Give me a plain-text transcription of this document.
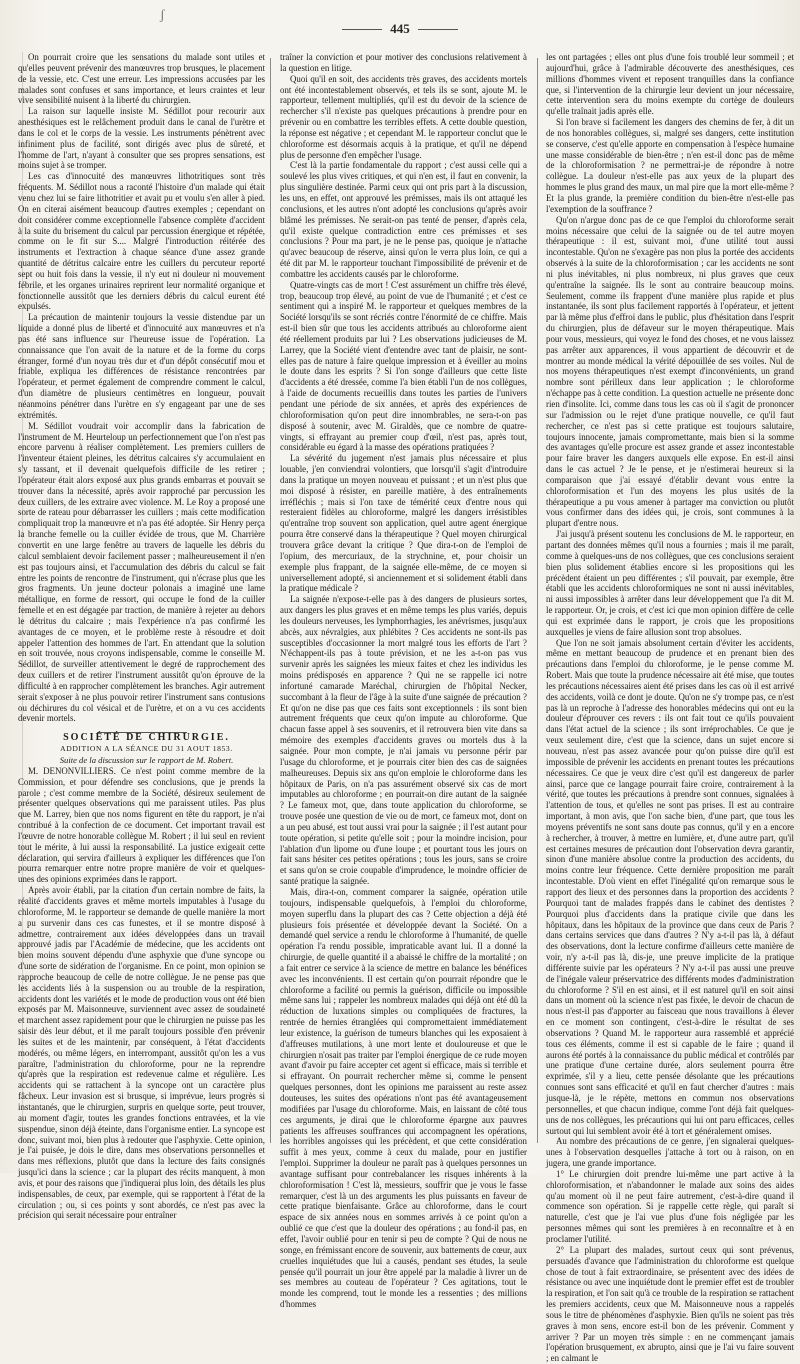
ʃ
445

On pourrait croire que les sensations du malade sont utiles et qu'elles peuvent prévenir des manœuvres trop brusques, le placement de la vessie, etc. C'est une erreur. Les impressions accusées par les malades sont confuses et sans importance, et leurs craintes et leur vive sensibilité nuisent à la liberté du chirurgien.

La raison sur laquelle insiste M. Sédillot pour recourir aux anesthésiques est le relâchement produit dans le canal de l'urètre et dans le col et le corps de la vessie. Les instruments pénètrent avec infiniment plus de facilité, sont dirigés avec plus de sûreté, et l'homme de l'art, n'ayant à consulter que ses propres sensations, est moins sujet à se tromper.

Les cas d'innocuité des manœuvres lithotritiques sont très fréquents. M. Sédillot nous a raconté l'histoire d'un malade qui était venu chez lui se faire lithotritier et avait pu et voulu s'en aller à pied. On en citerai aisément beaucoup d'autres exemples ; cependant on doit considérer comme exceptionnelle l'absence complète d'accident à la suite du brisement du calcul par percussion énergique et répétée, comme on le fit sur S.... Malgré l'introduction réitérée des instruments et l'extraction à chaque séance d'une assez grande quantité de détritus calcaire entre les cuillers du percuteur reporté sept ou huit fois dans la vessie, il n'y eut ni douleur ni mouvement fébrile, et les organes urinaires reprirent leur normalité organique et fonctionnelle aussitôt que les derniers débris du calcul eurent été expulsés.

La précaution de maintenir toujours la vessie distendue par un liquide a donné plus de liberté et d'innocuité aux manœuvres et n'a pas été sans influence sur l'heureuse issue de l'opération. La connaissance que l'on avait de la nature et de la forme du corps étranger, formé d'un noyau très dur et d'un dépôt consécutif mou et friable, expliqua les différences de résistance rencontrées par l'opérateur, et permet également de comprendre comment le calcul, d'un diamètre de plusieurs centimètres en longueur, pouvait néanmoins pénétrer dans l'urètre en s'y engageant par une de ses extrémités.

M. Sédillot voudrait voir accomplir dans la fabrication de l'instrument de M. Heurteloup un perfectionnement que l'on n'est pas encore parvenu à réaliser complètement. Les premiers cuillers de l'inventeur étaient pleines, les détritus calcaires s'y accumulaient en s'y tassant, et il devenait quelquefois difficile de les retirer ; l'opérateur était alors exposé aux plus grands embarras et pouvait se trouver dans la nécessité, après avoir rapproché par percussion les deux cuillers, de les extraire avec violence. M. Le Roy a proposé une sorte de rateau pour débarrasser les cuillers ; mais cette modification compliquait trop la manœuvre et n'a pas été adoptée. Sir Henry perça la branche femelle ou la cuiller évidée de trous, que M. Charrière convertit en une large fenêtre au travers de laquelle les débris du calcul semblaient devoir facilement passer ; malheureusement il n'en est pas toujours ainsi, et l'accumulation des débris du calcul se fait entre les points de rencontre de l'instrument, qui n'écrase plus que les gros fragments. Un jeune docteur polonais a imaginé une lame métallique, en forme de ressort, qui occupe le fond de la cuiller femelle et en est dégagée par traction, de manière à rejeter au dehors le détritus du calcaire ; mais l'expérience n'a pas confirmé les avantages de ce moyen, et le problème reste à résoudre et doit appeler l'attention des hommes de l'art. En attendant que la solution en soit trouvée, nous croyons indispensable, comme le conseille M. Sédillot, de surveiller attentivement le degré de rapprochement des deux cuillers et de retirer l'instrument aussitôt qu'on éprouve de la difficulté à en rapprocher complètement les branches. Agir autrement serait s'exposer à ne plus pouvoir retirer l'instrument sans contusions ou déchirures du col vésical et de l'urètre, et on a vu ces accidents devenir mortels.

SOCIÉTÉ DE CHIRURGIE.

ADDITION A LA SÉANCE DU 31 AOUT 1853.

Suite de la discussion sur le rapport de M. Robert.

M. DENONVILLIERS. Ce n'est point comme membre de la Commission, et pour défendre ses conclusions, que je prends la parole ; c'est comme membre de la Société, désireux seulement de présenter quelques observations qui me paraissent utiles. Pas plus que M. Larrey, bien que nos noms figurent en tête du rapport, je n'ai contribué à la confection de ce document. Cet important travail est l'œuvre de notre honorable collègue M. Robert ; il lui seul en revient tout le mérite, à lui aussi la responsabilité. La justice exigeait cette déclaration, qui servira d'ailleurs à expliquer les différences que l'on pourra remarquer entre notre propre manière de voir et quelques-unes des opinions exprimées dans le rapport.

Après avoir établi, par la citation d'un certain nombre de faits, la réalité d'accidents graves et même mortels imputables à l'usage du chloroforme, M. le rapporteur se demande de quelle manière la mort a pu survenir dans ces cas funestes, et il se montre disposé à admettre, contrairement aux idées développées dans un travail approuvé jadis par l'Académie de médecine, que les accidents ont bien moins souvent dépendu d'une asphyxie que d'une syncope ou d'une sorte de sidération de l'organisme. En ce point, mon opinion se rapproche beaucoup de celle de notre collègue. Je ne pense pas que les accidents liés à la suspension ou au trouble de la respiration, accidents dont les variétés et le mode de production vous ont été bien exposés par M. Maisonneuve, surviennent avec assez de soudaineté et marchent assez rapidement pour que le chirurgien ne puisse pas les saisir dès leur début, et il me paraît toujours possible d'en prévenir les suites et de les maintenir, par conséquent, à l'état d'accidents modérés, ou même légers, en interrompant, aussitôt qu'on les a vus paraître, l'administration du chloroforme, pour ne la reprendre qu'après que la respiration est redevenue calme et régulière. Les accidents qui se rattachent à la syncope ont un caractère plus fâcheux. Leur invasion est si brusque, si imprévue, leurs progrès si instantanés, que le chirurgien, surpris en quelque sorte, peut trouver, au moment d'agir, toutes les grandes fonctions entravées, et la vie suspendue, sinon déjà éteinte, dans l'organisme entier. La syncope est donc, suivant moi, bien plus à redouter que l'asphyxie. Cette opinion, je l'ai puisée, je dois le dire, dans mes observations personnelles et dans mes réflexions, plutôt que dans la lecture des faits consignés jusqu'ici dans la science ; car la plupart des récits manquent, à mon avis, et pour des raisons que j'indiquerai plus loin, des détails les plus indispensables, de ceux, par exemple, qui se rapportent à l'état de la circulation ; ou, si ces points y sont abordés, ce n'est pas avec la précision qui serait nécessaire pour entraîner

traîner la conviction et pour motiver des conclusions relativement à la question en litige.

Quoi qu'il en soit, des accidents très graves, des accidents mortels ont été incontestablement observés, et tels ils se sont, ajoute M. le rapporteur, tellement multipliés, qu'il est du devoir de la science de rechercher s'il n'existe pas quelques précautions à prendre pour en prévenir ou en combattre les terribles effets. A cette double question, la réponse est négative ; et cependant M. le rapporteur conclut que le chloroforme est désormais acquis à la pratique, et qu'il ne dépend plus de personne d'en empêcher l'usage.

C'est là la partie fondamentale du rapport ; c'est aussi celle qui a soulevé les plus vives critiques, et qui n'en est, il faut en convenir, la plus singulière destinée. Parmi ceux qui ont pris part à la discussion, les uns, en effet, ont approuvé les prémisses, mais ils ont attaqué les conclusions, et les autres n'ont adopté les conclusions qu'après avoir blâmé les prémisses. Ne serait-on pas tenté de penser, d'après cela, qu'il existe quelque contradiction entre ces prémisses et ses conclusions ? Pour ma part, je ne le pense pas, quoique je n'attache qu'avec beaucoup de réserve, ainsi qu'on le verra plus loin, ce qui a été dit par M. le rapporteur touchant l'impossibilité de prévenir et de combattre les accidents causés par le chloroforme.

Quatre-vingts cas de mort ! C'est assurément un chiffre très élevé, trop, beaucoup trop élevé, au point de vue de l'humanité ; et c'est ce sentiment qui a inspiré M. le rapporteur et quelques membres de la Société lorsqu'ils se sont récriés contre l'énormité de ce chiffre. Mais est-il bien sûr que tous les accidents attribués au chloroforme aient été réellement produits par lui ? Les observations judicieuses de M. Larrey, que la Société vient d'entendre avec tant de plaisir, ne sont-elles pas de nature à faire quelque impression et à éveiller au moins le doute dans les esprits ? Si l'on songe d'ailleurs que cette liste d'accidents a été dressée, comme l'a bien établi l'un de nos collègues, à l'aide de documents recueillis dans toutes les parties de l'univers pendant une période de six années, et après des expériences de chloroformisation qu'on peut dire innombrables, ne sera-t-on pas disposé à soutenir, avec M. Giraldès, que ce nombre de quatre-vingts, si effrayant au premier coup d'œil, n'est pas, après tout, considérable eu égard à la masse des opérations pratiquées ?

La sévérité du jugement n'est jamais plus nécessaire et plus louable, j'en conviendrai volontiers, que lorsqu'il s'agit d'introduire dans la pratique un moyen nouveau et puissant ; et un n'est plus que moi disposé à résister, en pareille matière, à des entraînements irréfléchis ; mais si l'on taxe de témérité ceux d'entre nous qui resteraient fidèles au chloroforme, malgré les dangers irrésistibles qu'entraîne trop souvent son application, quel autre agent énergique pourra être conservé dans la thérapeutique ? Quel moyen chirurgical trouvera grâce devant la critique ? Que dira-t-on de l'emploi de l'opium, des mercuriaux, de la strychnine, et, pour choisir un exemple plus frappant, de la saignée elle-même, de ce moyen si universellement adopté, si anciennement et si solidement établi dans la pratique médicale ?

La saignée n'expose-t-elle pas à des dangers de plusieurs sortes, aux dangers les plus graves et en même temps les plus variés, depuis les douleurs nerveuses, les lymphorrhagies, les anévrismes, jusqu'aux abcès, aux névralgies, aux phlébites ? Ces accidents ne sont-ils pas susceptibles d'occasionner la mort malgré tous les efforts de l'art ? N'échappent-ils pas à toute prévision, et ne les a-t-on pas vus survenir après les saignées les mieux faites et chez les individus les moins prédisposés en apparence ? Qui ne se rappelle ici notre infortuné camarade Maréchal, chirurgien de l'hôpital Necker, succombant à la fleur de l'âge à la suite d'une saignée de précaution ? Et qu'on ne dise pas que ces faits sont exceptionnels : ils sont bien autrement fréquents que ceux qu'on impute au chloroforme. Que chacun fasse appel à ses souvenirs, et il retrouvera bien vite dans sa mémoire des exemples d'accidents graves ou mortels dus à la saignée. Pour mon compte, je n'ai jamais vu personne périr par l'usage du chloroforme, et je pourrais citer bien des cas de saignées malheureuses. Depuis six ans qu'on emploie le chloroforme dans les hôpitaux de Paris, on n'a pas assurément observé six cas de mort imputables au chloroforme ; en pourrait-on dire autant de la saignée ? Le fameux mot, que, dans toute application du chloroforme, se trouve posée une question de vie ou de mort, ce fameux mot, dont on a un peu abusé, est tout aussi vrai pour la saignée ; il l'est autant pour toute opération, si petite qu'elle soit ; pour la moindre incision, pour l'ablation d'un lipome ou d'une loupe ; et pourtant tous les jours on fait sans hésiter ces petites opérations ; tous les jours, sans se croire et sans qu'on se croie coupable d'imprudence, le moindre officier de santé pratique la saignée.

Mais, dira-t-on, comment comparer la saignée, opération utile toujours, indispensable quelquefois, à l'emploi du chloroforme, moyen superflu dans la plupart des cas ? Cette objection a déjà été plusieurs fois présentée et développée devant la Société. On a demandé quel service a rendu le chloroforme à l'humanité, de quelle opération l'a rendu possible, impraticable avant lui. Il a donné la chirurgie, de quelle quantité il a abaissé le chiffre de la mortalité ; on a fait entrer ce service à la science de mettre en balance les bénéfices avec les inconvénients. Il est certain qu'on pourrait répondre que le chloroforme a facilité ou permis la guérison, difficile ou impossible même sans lui ; rappeler les nombreux malades qui déjà ont été dû la réduction de luxations simples ou compliquées de fractures, la rentrée de hernies étranglées qui compromettaient immédiatement leur existence, la guérison de tumeurs blanches qui les exposaient à d'affreuses mutilations, à une mort lente et douloureuse et que le chirurgien n'osait pas traiter par l'emploi énergique de ce rude moyen avant d'avoir pu faire accepter cet agent si efficace, mais si terrible et si effrayant. On pourrait rechercher même si, comme le pensent quelques personnes, dont les opinions me paraissent au reste assez douteuses, les suites des opérations n'ont pas été avantageusement modifiées par l'usage du chloroforme. Mais, en laissant de côté tous ces arguments, je dirai que le chloroforme épargne aux pauvres patients les affreuses souffrances qui accompagnent les opérations, les horribles angoisses qui les précèdent, et que cette considération suffit à mes yeux, comme à ceux du malade, pour en justifier l'emploi. Supprimer la douleur ne paraît pas à quelques personnes un avantage suffisant pour contrebalancer les risques inhérents à la chloroformisation ! C'est là, messieurs, souffrir que je vous le fasse remarquer, c'est là un des arguments les plus puissants en faveur de cette pratique bienfaisante. Grâce au chloroforme, dans le court espace de six années nous en sommes arrivés à ce point qu'on a oublié ce que c'est que la douleur des opérations ; au fond-il pas, en effet, l'avoir oublié pour en tenir si peu de compte ? Qui de nous ne songe, en frémissant encore de souvenir, aux battements de cœur, aux cruelles inquiétudes que lui a causés, pendant ses études, la seule pensée qu'il pourrait un jour être appelé par la maladie à livrer un de ses membres au couteau de l'opérateur ? Ces agitations, tout le monde les comprend, tout le monde les a ressenties ; des millions d'hommes

les ont partagées ; elles ont plus d'une fois troublé leur sommeil ; et aujourd'hui, grâce à l'admirable découverte des anesthésiques, ces millions d'hommes vivent et reposent tranquilles dans la confiance que, si l'intervention de la chirurgie leur devient un jour nécessaire, cette intervention sera du moins exempte du cortège de douleurs qu'elle traînait jadis après elle.

Si l'on brave si facilement les dangers des chemins de fer, à dit un de nos honorables collègues, si, malgré ses dangers, cette institution se conserve, c'est qu'elle apporte en compensation à l'espèce humaine une masse considérable de bien-être ; n'en est-il donc pas de même de la chloroformisation ? ne permettrai-je de répondre à notre collègue. La douleur n'est-elle pas aux yeux de la plupart des hommes le plus grand des maux, un mal pire que la mort elle-même ? Et la plus grande, la première condition du bien-être n'est-elle pas l'exemption de la souffrance ?

Qu'on n'argue donc pas de ce que l'emploi du chloroforme serait moins nécessaire que celui de la saignée ou de tel autre moyen thérapeutique : il est, suivant moi, d'une utilité tout aussi incontestable. Qu'on ne s'exagère pas non plus la portée des accidents observés à la suite de la chloroformisation ; car les accidents ne sont ni plus inévitables, ni plus nombreux, ni plus graves que ceux qu'entraîne la saignée. Ils le sont au contraire beaucoup moins. Seulement, comme ils frappent d'une manière plus rapide et plus instantanée, ils sont plus facilement rapportés à l'opérateur, et jettent par là même plus d'effroi dans le public, plus d'hésitation dans l'esprit du chirurgien, plus de défaveur sur le moyen thérapeutique. Mais pour vous, messieurs, qui voyez le fond des choses, et ne vous laissez pas arrêter aux apparences, il vous appartient de découvrir et de montrer au monde médical la vérité dépouillée de ses voiles. Nul de nos moyens thérapeutiques n'est exempt d'inconvénients, un grand nombre sont périlleux dans leur application ; le chloroforme n'échappe pas à cette condition. La question actuelle ne présente donc rien d'insolite. Ici, comme dans tous les cas où il s'agit de prononcer sur l'admission ou le rejet d'une pratique nouvelle, ce qu'il faut rechercher, ce n'est pas si cette pratique est toujours salutaire, toujours innocente, jamais compromettante, mais bien si la somme des avantages qu'elle procure est assez grande et assez incontestable pour faire braver les dangers auxquels elle expose. En est-il ainsi dans le cas actuel ? Je le pense, et je n'estimerai heureux si la comparaison que j'ai essayé d'établir devant vous entre la chloroformisation et l'un des moyens les plus usités de la thérapeutique a pu vous amener à partager ma conviction ou plutôt vous confirmer dans des idées qui, je crois, sont communes à la plupart d'entre nous.

J'ai jusqu'à présent soutenu les conclusions de M. le rapporteur, en partant des données mêmes qu'il nous a fournies ; mais il me paraît, comme à quelques-uns de nos collègues, que ces conclusions seraient bien plus solidement établies encore si les propositions qui les précèdent étaient un peu différentes ; s'il pouvait, par exemple, être établi que les accidents chloroformiques ne sont ni aussi inévitables, ni aussi impossibles à arrêter dans leur développement que l'a dit M. le rapporteur. Or, je crois, et c'est ici que mon opinion diffère de celle qui est exprimée dans le rapport, je crois que les propositions auxquelles je viens de faire allusion sont trop absolues.

Que l'on ne soit jamais absolument certain d'éviter les accidents, même en mettant beaucoup de prudence et en prenant bien des précautions dans l'emploi du chloroforme, je le pense comme M. Robert. Mais que toute la prudence nécessaire ait été mise, que toutes les précautions nécessaires aient été prises dans les cas où il est arrivé des accidents, voilà ce dont je doute. Qu'on ne s'y trompe pas, ce n'est pas là un reproche à l'adresse des honorables médecins qui ont eu la douleur d'éprouver ces revers : ils ont fait tout ce qu'ils pouvaient dans l'état actuel de la science ; ils sont irréprochables. Ce que je veux seulement dire, c'est que la science, dans un sujet encore si nouveau, n'est pas assez avancée pour qu'on puisse dire qu'il est impossible de prévenir les accidents en prenant toutes les précautions nécessaires. Ce que je veux dire c'est qu'il est dangereux de parler ainsi, parce que ce langage pourrait faire croire, contrairement à la vérité, que toutes les précautions à prendre sont connues, signalées à l'attention de tous, et qu'elles ne sont pas prises. Il est au contraire important, à mon avis, que l'on sache bien, d'une part, que tous les moyens préventifs ne sont sans doute pas connus, qu'il y en a encore à rechercher, à trouver, à mettre en lumière, et, d'une autre part, qu'il est certaines mesures de précaution dont l'observation devra garantir, sinon d'une manière absolue contre la production des accidents, du moins contre leur fréquence. Cette dernière proposition me paraît incontestable. D'où vient en effet l'inégalité qu'on remarque sous le rapport des lieux et des personnes dans la proportion des accidents ? Pourquoi tant de malades frappés dans le cabinet des dentistes ? Pourquoi plus d'accidents dans la pratique civile que dans les hôpitaux, dans les hôpitaux de la province que dans ceux de Paris ? dans certains services que dans d'autres ? N'y a-t-il pas là, à défaut des observations, dont la lecture confirme d'ailleurs cette manière de voir, n'y a-t-il pas là, dis-je, une preuve implicite de la pratique différente suivie par les opérateurs ? N'y a-t-il pas aussi une preuve de l'inégale valeur préservatrice des différents modes d'administration du chloroforme ? S'il en est ainsi, et il est naturel qu'il en soit ainsi dans un moment où la science n'est pas fixée, le devoir de chacun de nous n'est-il pas d'apporter au faisceau que nous travaillons à élever en ce moment son contingent, c'est-à-dire le résultat de ses observations ? Quand M. le rapporteur aura rassemblé et apprécié tous ces éléments, comme il est si capable de le faire ; quand il aurons été portés à la connaissance du public médical et contrôlés par une pratique d'une certaine durée, alors seulement pourra être exprimée, s'il y a lieu, cette pensée désolante que les précautions connues sont sans efficacité et qu'il en faut chercher d'autres : mais jusque-là, je le répète, mettons en commun nos observations personnelles, et que chacun indique, comme l'ont déjà fait quelques-uns de nos collègues, les précautions qui lui ont paru efficaces, celles surtout qui lui semblent avoir été à tort et généralement omises.

Au nombre des précautions de ce genre, j'en signalerai quelques-unes à l'observation desquelles j'attache à tort ou à raison, on en jugera, une grande importance.

1° Le chirurgien doit prendre lui-même une part active à la chloroformisation, et n'abandonner le malade aux soins des aides qu'au moment où il ne peut faire autrement, c'est-à-dire quand il commence son opération. Si je rappelle cette règle, qui paraît si naturelle, c'est que je l'ai vue plus d'une fois négligée par les personnes mêmes qui sont les premières à en reconnaître et à en proclamer l'utilité.

2° La plupart des malades, surtout ceux qui sont prévenus, persuadés d'avance que l'administration du chloroforme est quelque chose de tout à fait extraordinaire, se présentent avec des idées de résistance ou avec une inquiétude dont le premier effet est de troubler la respiration, et l'on sait qu'à ce trouble de la respiration se rattachent les premiers accidents, ceux que M. Maisonneuve nous a rappelés sous le titre de phénomènes d'asphyxie. Bien qu'ils ne soient pas très graves à mon sens, encore est-il bon de les prévenir. Comment y arriver ? Par un moyen très simple : en ne commençant jamais l'opération brusquement, ex abrupto, ainsi que je l'ai vu faire souvent ; en calmant le
